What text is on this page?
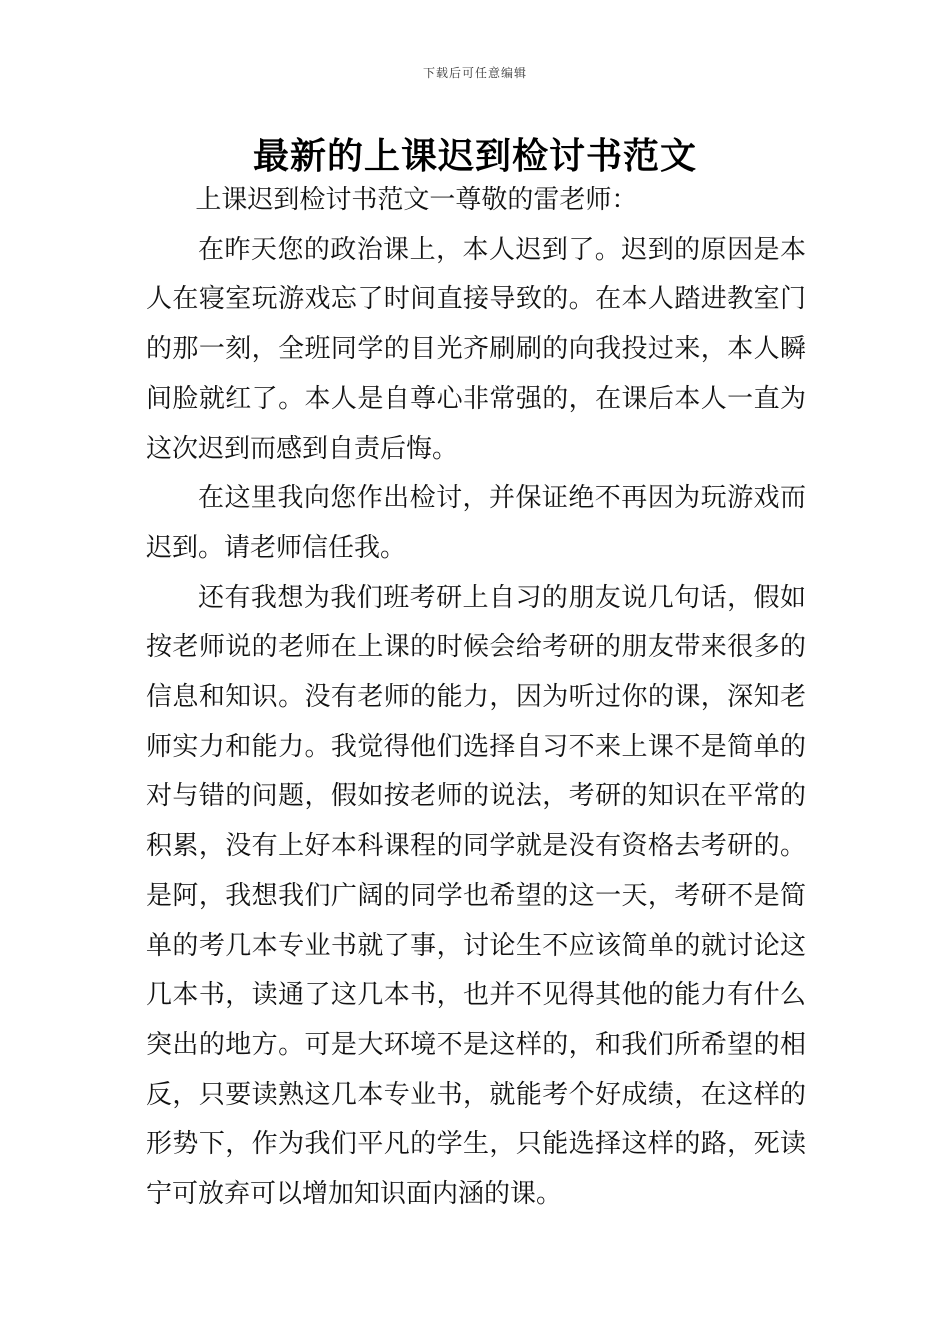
下载后可任意编辑
最新的上课迟到检讨书范文

上课迟到检讨书范文一尊敬的雷老师：

在昨天您的政治课上，本人迟到了。迟到的原因是本人在寝室玩游戏忘了时间直接导致的。在本人踏进教室门的那一刻，全班同学的目光齐刷刷的向我投过来，本人瞬间脸就红了。本人是自尊心非常强的，在课后本人一直为这次迟到而感到自责后悔。

在这里我向您作出检讨，并保证绝不再因为玩游戏而迟到。请老师信任我。

还有我想为我们班考研上自习的朋友说几句话，假如按老师说的老师在上课的时候会给考研的朋友带来很多的信息和知识。没有老师的能力，因为听过你的课，深知老师实力和能力。我觉得他们选择自习不来上课不是简单的对与错的问题，假如按老师的说法，考研的知识在平常的积累，没有上好本科课程的同学就是没有资格去考研的。是阿，我想我们广阔的同学也希望的这一天，考研不是简单的考几本专业书就了事，讨论生不应该简单的就讨论这几本书，读通了这几本书，也并不见得其他的能力有什么突出的地方。可是大环境不是这样的，和我们所希望的相反，只要读熟这几本专业书，就能考个好成绩，在这样的形势下，作为我们平凡的学生，只能选择这样的路，死读宁可放弃可以增加知识面内涵的课。
